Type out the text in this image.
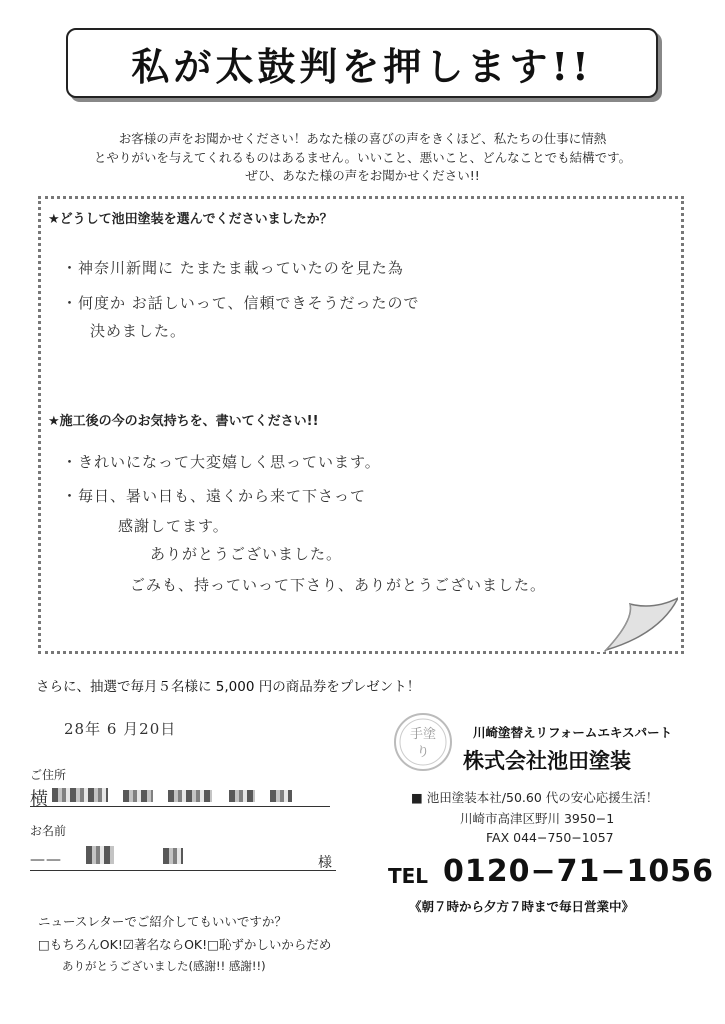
私が太鼓判を押します!!
お客様の声をお聞かせください！あなた様の喜びの声をきくほど、私たちの仕事に情熱
とやりがいを与えてくれるものはあるません。いいこと、悪いこと、どんなことでも結構です。
ぜひ、あなた様の声をお聞かせください!!
★どうして池田塗装を選んでくださいましたか？
・神奈川新聞に たまたま載っていたのを見た為
・何度か お話しいって、信頼できそうだったので
決めました。
★施工後の今のお気持ちを、書いてください!!
・きれいになって大変嬉しく思っています。
・毎日、暑い日も、遠くから来て下さって
感謝してます。
ありがとうございました。
ごみも、持っていって下さり、ありがとうございました。
さらに、抽選で毎月５名様に 5,000 円の商品券をプレゼント！
28年 6 月20日
ご住所
横

お名前
——
	様
ニュースレターでご紹介してもいいですか？
□もちろんOK!☑著名ならOK!□恥ずかしいからだめ
ありがとうございました(感謝!! 感謝!!)
手塗
り
川崎塗替えリフォームエキスパート
株式会社池田塗装
■ 池田塗装本社/50.60 代の安心応援生活！
川崎市高津区野川 3950−1
FAX 044−750−1057
TEL 0120−71−1056
《朝７時から夕方７時まで毎日営業中》
